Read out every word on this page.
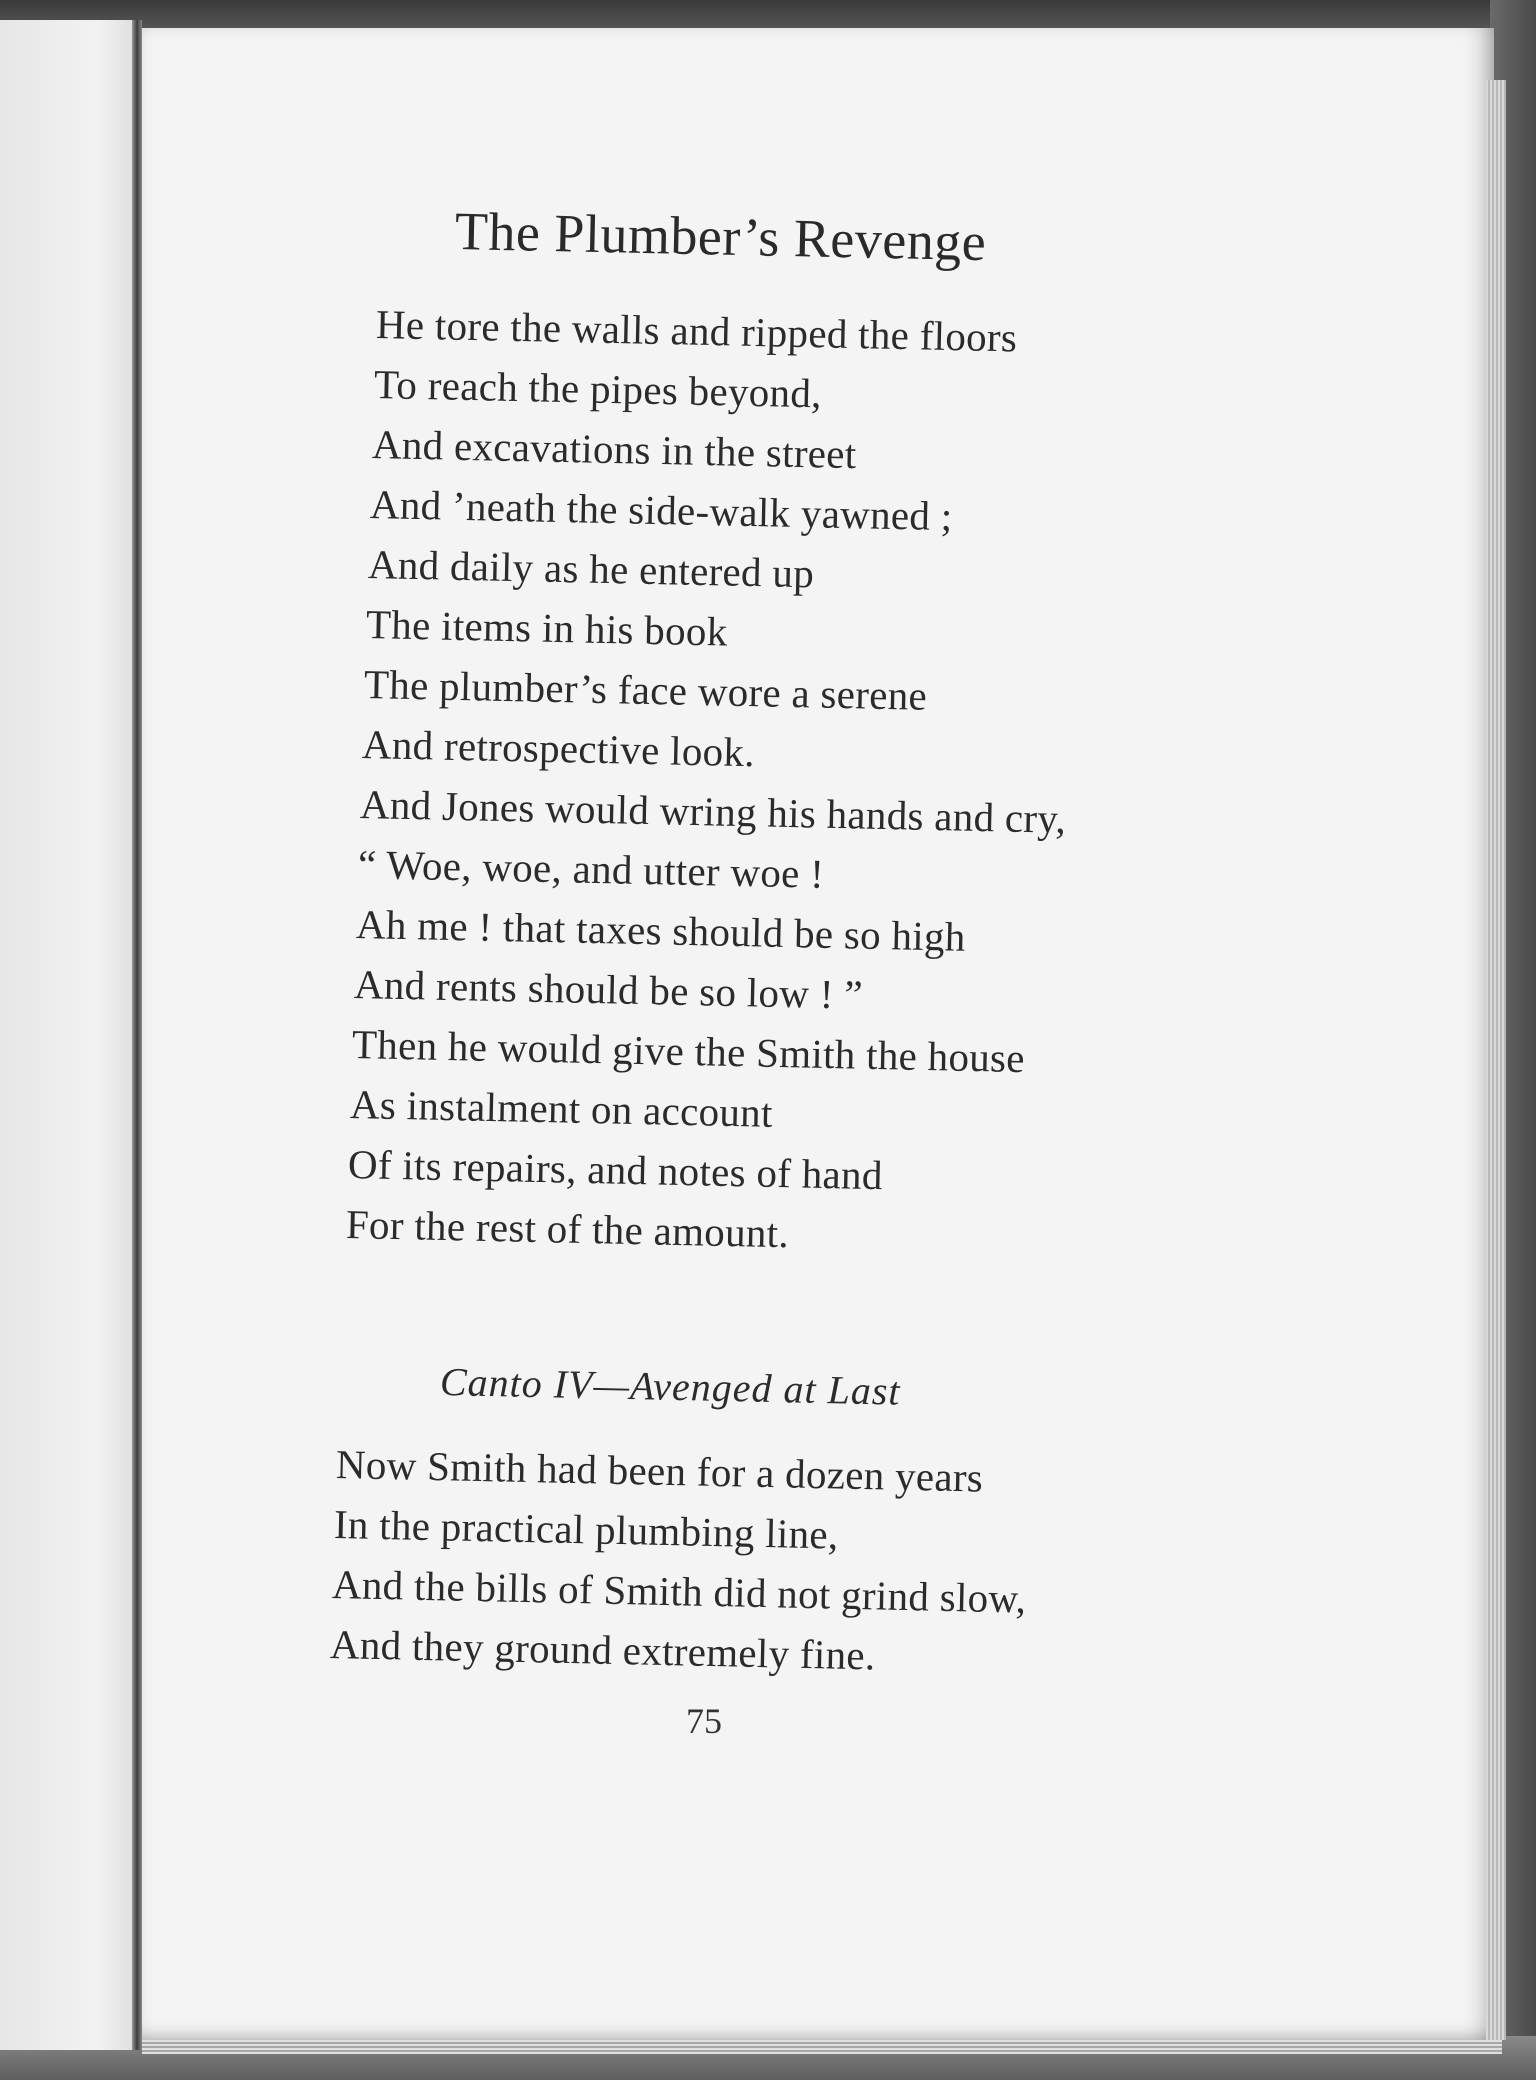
The Plumber’s Revenge

He tore the walls and ripped the floors

To reach the pipes beyond,

And excavations in the street

And ’neath the side-walk yawned ;

And daily as he entered up

The items in his book

The plumber’s face wore a serene

And retrospective look.

And Jones would wring his hands and cry,

“ Woe, woe, and utter woe !

Ah me ! that taxes should be so high

And rents should be so low ! ”

Then he would give the Smith the house

As instalment on account

Of its repairs, and notes of hand

For the rest of the amount.

Canto IV—Avenged at Last

Now Smith had been for a dozen years

In the practical plumbing line,

And the bills of Smith did not grind slow,

And they ground extremely fine.

75
